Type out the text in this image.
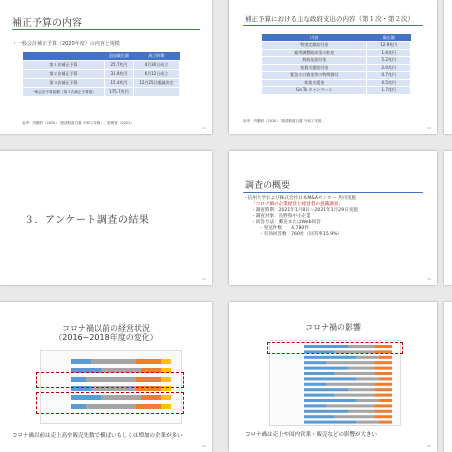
補正予算の内容
・一般会計補正予算（2020年度）の内容と規模
	追加歳出額	成立時期
第１次補正予算	25.7兆円	4月30日成立
第２次補正予算	31.9兆円	6月12日成立
第３次補正予算	15.4兆円	12月25日閣議決定
一般会計予算総額（第３次補正予算後）	175.7兆円	
参考：内閣府（2020）「経済財政白書 令和２年版」、財務省（2021）
21
補正予算における主な政府支出の内容（第１次・第２次）
内容	歳出額
特別定額給付金	12.9兆円
雇用調整助成金の拡充	1.6兆円
持続化給付金	5.2兆円
家賃支援給付金	2.0兆円
緊急小口資金等の特例貸付	0.7兆円
休業支援金	0.5兆円
Go To キャンペーン	1.7兆円
参考：内閣府（2020）「経済財政白書 令和２年版」
22
３．アンケート調査の結果
23
調査の概要
・信州大学および株式会社日本M&Aセンター 共同実施
「コロナ禍の企業経営と経営者の意識調査」
・調査時期：2021年1月8日～2021年1月29日実施
・調査対象：長野県中小企業
・回答方法：郵送またはWeb回答
・発送件数　　4,780件
・有効回答数　760社（回答率15.9%）
24
コロナ禍以前の経営状況
（2016~2018年度の変化）
コロナ禍以前は売上高や販売先数で横ばいもしくは増加の企業が多い
25
コロナ禍の影響
コロナ禍は売上や国内営業・販売などの影響が大きい
26
